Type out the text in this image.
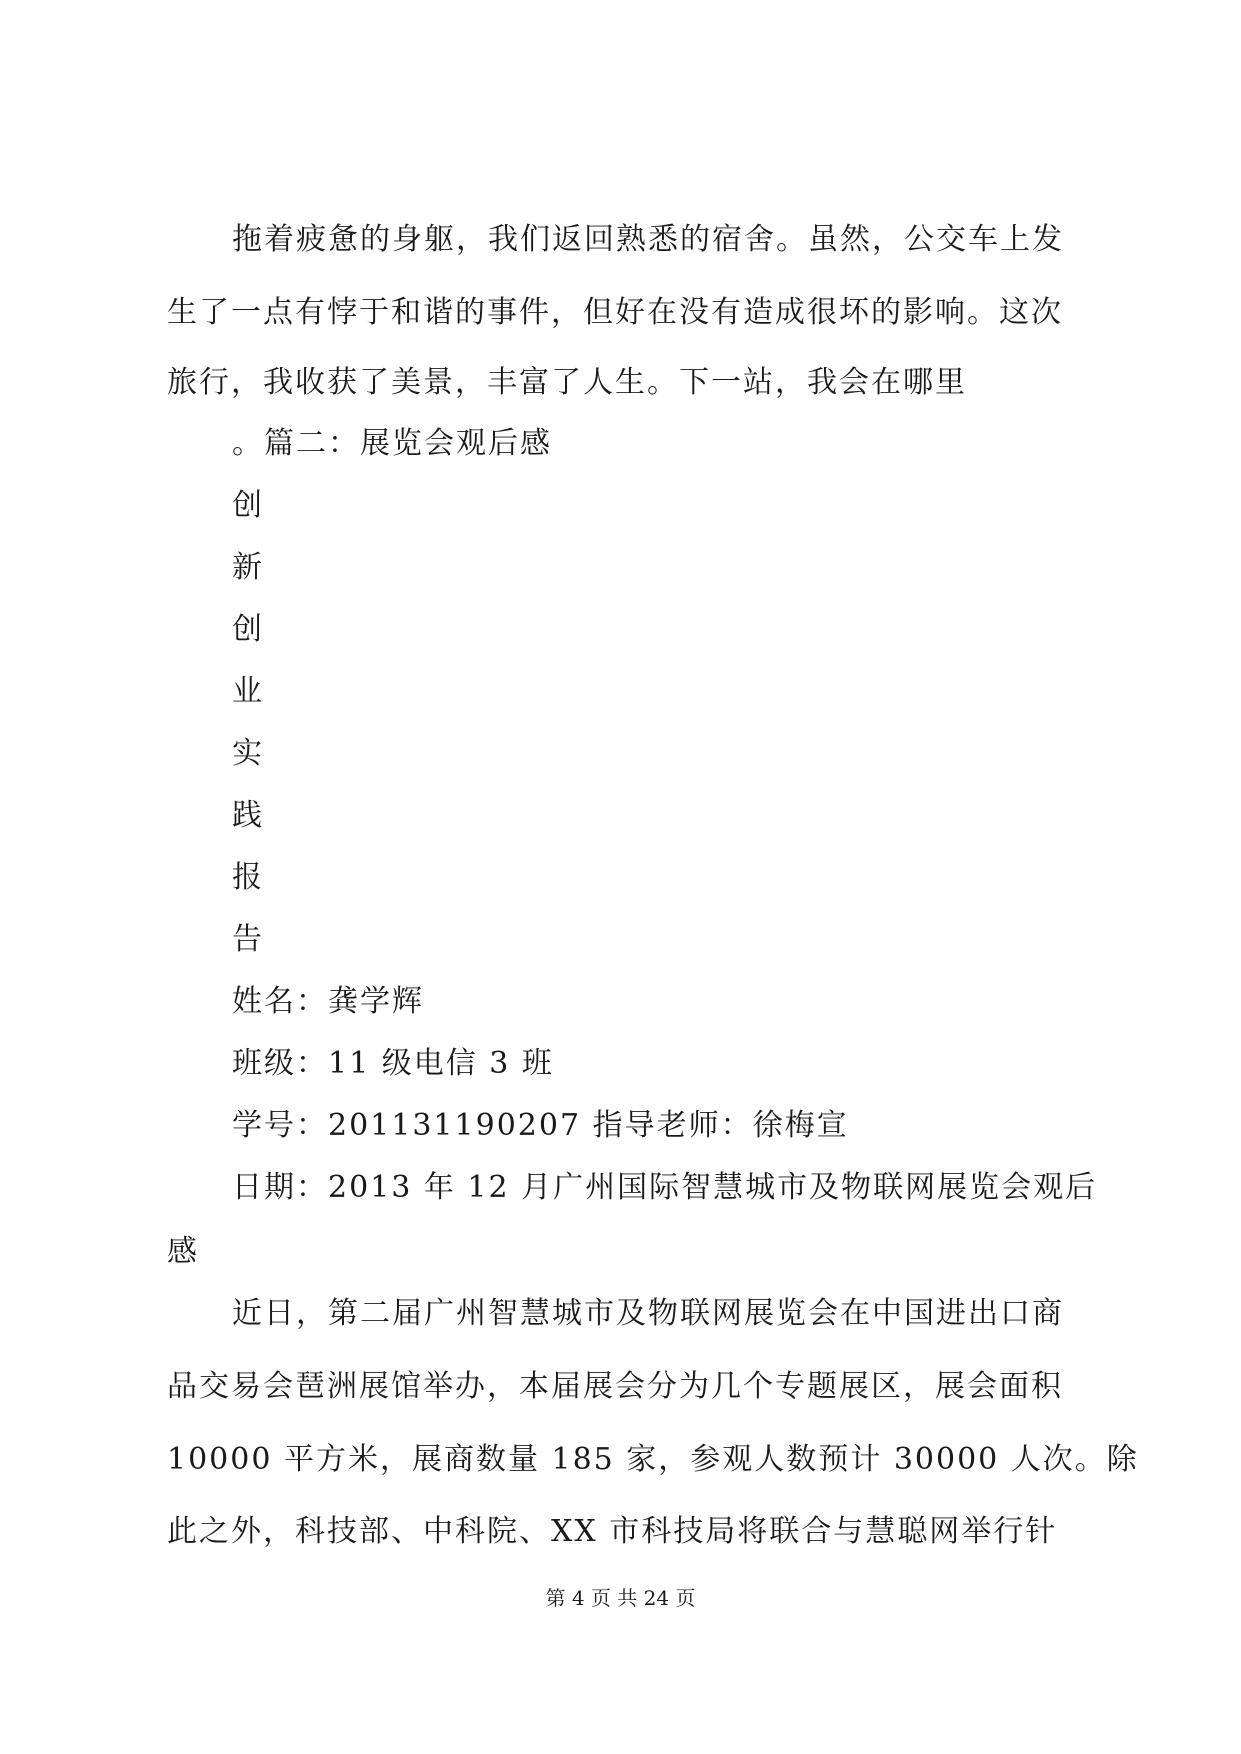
拖着疲惫的身躯，我们返回熟悉的宿舍。虽然，公交车上发
生了一点有悖于和谐的事件，但好在没有造成很坏的影响。这次
旅行，我收获了美景，丰富了人生。下一站，我会在哪里
。篇二：展览会观后感
创
新
创
业
实
践
报
告
姓名：龚学辉
班级：11 级电信 3 班
学号：201131190207 指导老师：徐梅宣
日期：2013 年 12 月广州国际智慧城市及物联网展览会观后
感
近日，第二届广州智慧城市及物联网展览会在中国进出口商
品交易会琶洲展馆举办，本届展会分为几个专题展区，展会面积
10000 平方米，展商数量 185 家，参观人数预计 30000 人次。除
此之外，科技部、中科院、XX 市科技局将联合与慧聪网举行针
第 4 页 共 24 页
